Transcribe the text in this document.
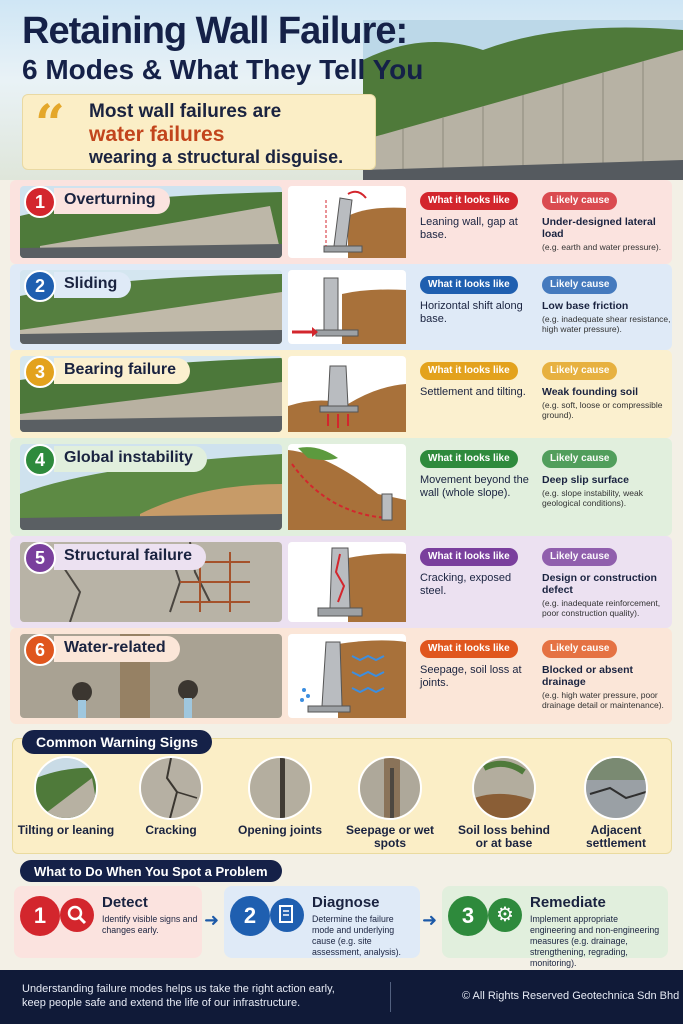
Retaining Wall Failure:
6 Modes & What They Tell You
“ Most wall failures are
water failures
wearing a structural disguise.
1	Overturning	What it looks like
Leaning wall, gap at base.
Likely cause
Under-designed lateral load
(e.g. earth and water pressure).
2	Sliding	What it looks like
Horizontal shift along base.
Likely cause
Low base friction
(e.g. inadequate shear resistance, high water pressure).
3	Bearing failure	What it looks like
Settlement and tilting.
Likely cause
Weak founding soil
(e.g. soft, loose or compressible ground).
4	Global instability	What it looks like
Movement beyond the wall (whole slope).
Likely cause
Deep slip surface
(e.g. slope instability, weak geological conditions).
5	Structural failure	What it looks like
Cracking, exposed steel.
Likely cause
Design or construction defect
(e.g. inadequate reinforcement, poor construction quality).
6	Water-related	What it looks like
Seepage, soil loss at joints.
Likely cause
Blocked or absent drainage
(e.g. high water pressure, poor drainage detail or maintenance).
Common Warning Signs
Tilting or leaning	Cracking	Opening joints	Seepage or wet spots
Soil loss behind or at base
Adjacent settlement
What to Do When You Spot a Problem
1
Detect
Identify visible signs and changes early.	➜	2
Diagnose
Determine the failure mode and underlying cause (e.g. site assessment, analysis).
➜	3	⚙
Remediate
Implement appropriate engineering and non-engineering measures (e.g. drainage, strengthening, regrading, monitoring).
Understanding failure modes helps us take the right action early, keep people safe and extend the life of our infrastructure.
© All Rights Reserved Geotechnica Sdn Bhd
